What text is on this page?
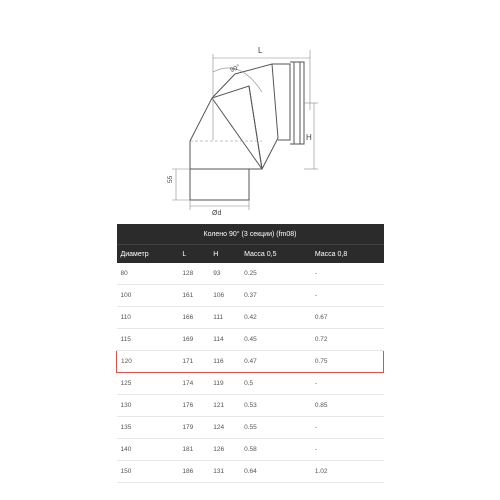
L
90°
H
55
Ød
Колено 90° (3 секции) (fm08)				
Диаметр	L	H	Масса 0,5	Масса 0,8
80	128	93	0.25	-
100	161	106	0.37	-
110	166	111	0.42	0.67
115	169	114	0.45	0.72
120	171	116	0.47	0.75
125	174	119	0.5	-
130	176	121	0.53	0.85
135	179	124	0.55	-
140	181	126	0.58	-
150	186	131	0.64	1.02
